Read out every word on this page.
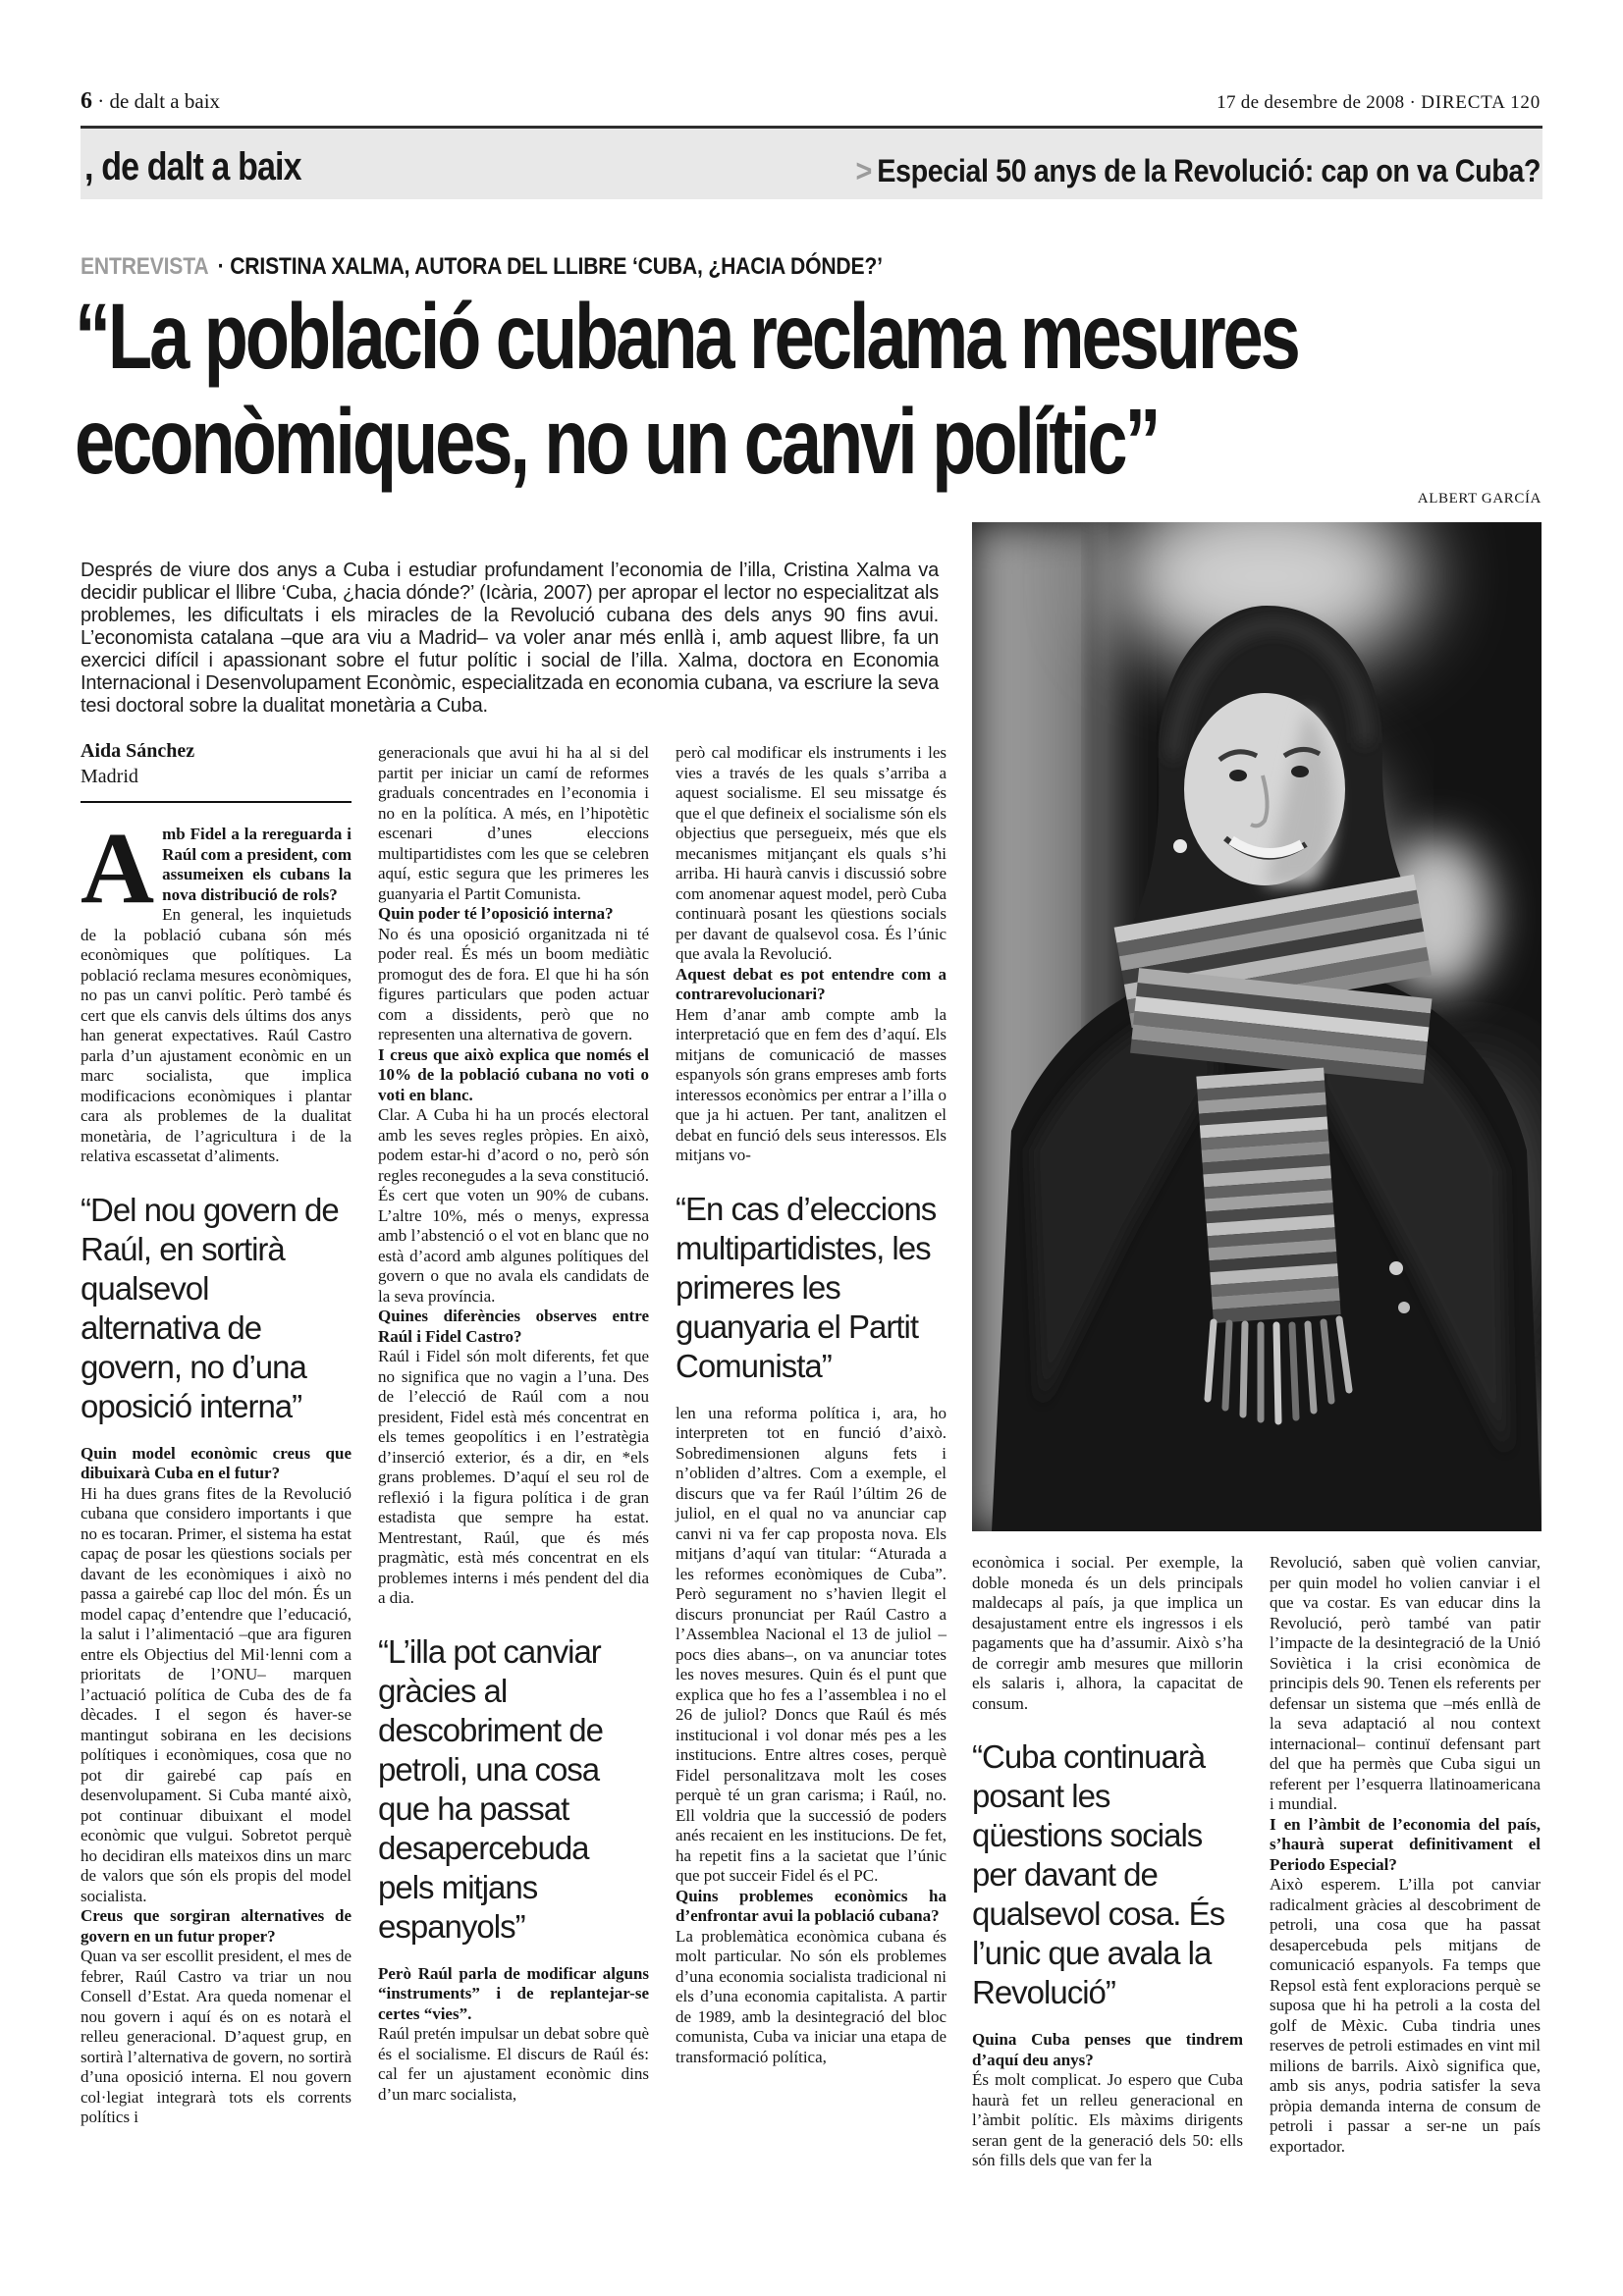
6 · de dalt a baix	17 de desembre de 2008 · DIRECTA 120
, de dalt a baix	> Especial 50 anys de la Revolució: cap on va Cuba?
ENTREVISTA · CRISTINA XALMA, AUTORA DEL LLIBRE ‘CUBA, ¿HACIA DÓNDE?’
“La població cubana reclama mesures econòmiques, no un canvi polític”

Després de viure dos anys a Cuba i estudiar profundament l’economia de l’illa, Cristina Xalma va decidir publicar el llibre ‘Cuba, ¿hacia dónde?’ (Icària, 2007) per apropar el lector no especialitzat als problemes, les dificultats i els miracles de la Revolució cubana des dels anys 90 fins avui. L’economista catalana –que ara viu a Madrid– va voler anar més enllà i, amb aquest llibre, fa un exercici difícil i apassionant sobre el futur polític i social de l’illa. Xalma, doctora en Economia Internacional i Desenvolupament Econòmic, especialitzada en economia cubana, va escriure la seva tesi doctoral sobre la dualitat monetària a Cuba.

ALBERT GARCÍA
Aida Sánchez
Madrid

Amb Fidel a la rereguarda i Raúl com a president, com assumeixen els cubans la nova distribució de rols?

En general, les inquietuds de la població cubana són més econòmiques que polítiques. La població reclama mesures econòmiques, no pas un canvi polític. Però també és cert que els canvis dels últims dos anys han generat expectatives. Raúl Castro parla d’un ajustament econòmic en un marc socialista, que implica modificacions econòmiques i plantar cara als problemes de la dualitat monetària, de l’agricultura i de la relativa escassetat d’aliments.

“Del nou govern de Raúl, en sortirà qualsevol alternativa de govern, no d’una oposició interna”

Quin model econòmic creus que dibuixarà Cuba en el futur?

Hi ha dues grans fites de la Revolució cubana que considero importants i que no es tocaran. Primer, el sistema ha estat capaç de posar les qüestions socials per davant de les econòmiques i això no passa a gairebé cap lloc del món. És un model capaç d’entendre que l’educació, la salut i l’alimentació –que ara figuren entre els Objectius del Mil·lenni com a prioritats de l’ONU– marquen l’actuació política de Cuba des de fa dècades. I el segon és haver-se mantingut sobirana en les decisions polítiques i econòmiques, cosa que no pot dir gairebé cap país en desenvolupament. Si Cuba manté això, pot continuar dibuixant el model econòmic que vulgui. Sobretot perquè ho decidiran ells mateixos dins un marc de valors que són els propis del model socialista.

Creus que sorgiran alternatives de govern en un futur proper?

Quan va ser escollit president, el mes de febrer, Raúl Castro va triar un nou Consell d’Estat. Ara queda nomenar el nou govern i aquí és on es notarà el relleu generacional. D’aquest grup, en sortirà l’alternativa de govern, no sortirà d’una oposició interna. El nou govern col·legiat integrarà tots els corrents polítics i

generacionals que avui hi ha al si del partit per iniciar un camí de reformes graduals concentrades en l’economia i no en la política. A més, en l’hipotètic escenari d’unes eleccions multipartidistes com les que se celebren aquí, estic segura que les primeres les guanyaria el Partit Comunista.

Quin poder té l’oposició interna?

No és una oposició organitzada ni té poder real. És més un boom mediàtic promogut des de fora. El que hi ha són figures particulars que poden actuar com a dissidents, però que no representen una alternativa de govern.

I creus que això explica que només el 10% de la població cubana no voti o voti en blanc.

Clar. A Cuba hi ha un procés electoral amb les seves regles pròpies. En això, podem estar-hi d’acord o no, però són regles reconegudes a la seva constitució. És cert que voten un 90% de cubans. L’altre 10%, més o menys, expressa amb l’abstenció o el vot en blanc que no està d’acord amb algunes polítiques del govern o que no avala els candidats de la seva província.

Quines diferències observes entre Raúl i Fidel Castro?

Raúl i Fidel són molt diferents, fet que no significa que no vagin a l’una. Des de l’elecció de Raúl com a nou president, Fidel està més concentrat en els temes geopolítics i en l’estratègia d’inserció exterior, és a dir, en *els grans problemes. D’aquí el seu rol de reflexió i la figura política i de gran estadista que sempre ha estat. Mentrestant, Raúl, que és més pragmàtic, està més concentrat en els problemes interns i més pendent del dia a dia.

“L’illa pot canviar gràcies al descobriment de petroli, una cosa que ha passat desapercebuda pels mitjans espanyols”

Però Raúl parla de modificar alguns “instruments” i de replantejar-se certes “vies”.

Raúl pretén impulsar un debat sobre què és el socialisme. El discurs de Raúl és: cal fer un ajustament econòmic dins d’un marc socialista,

però cal modificar els instruments i les vies a través de les quals s’arriba a aquest socialisme. El seu missatge és que el que defineix el socialisme són els objectius que persegueix, més que els mecanismes mitjançant els quals s’hi arriba. Hi haurà canvis i discussió sobre com anomenar aquest model, però Cuba continuarà posant les qüestions socials per davant de qualsevol cosa. És l’únic que avala la Revolució.

Aquest debat es pot entendre com a contrarevolucionari?

Hem d’anar amb compte amb la interpretació que en fem des d’aquí. Els mitjans de comunicació de masses espanyols són grans empreses amb forts interessos econòmics per entrar a l’illa o que ja hi actuen. Per tant, analitzen el debat en funció dels seus interessos. Els mitjans vo-

“En cas d’eleccions multipartidistes, les primeres les guanyaria el Partit Comunista”

len una reforma política i, ara, ho interpreten tot en funció d’això. Sobredimensionen alguns fets i n’obliden d’altres. Com a exemple, el discurs que va fer Raúl l’últim 26 de juliol, en el qual no va anunciar cap canvi ni va fer cap proposta nova. Els mitjans d’aquí van titular: “Aturada a les reformes econòmiques de Cuba”. Però segurament no s’havien llegit el discurs pronunciat per Raúl Castro a l’Assemblea Nacional el 13 de juliol –pocs dies abans–, on va anunciar totes les noves mesures. Quin és el punt que explica que ho fes a l’assemblea i no el 26 de juliol? Doncs que Raúl és més institucional i vol donar més pes a les institucions. Entre altres coses, perquè Fidel personalitzava molt les coses perquè té un gran carisma; i Raúl, no. Ell voldria que la successió de poders anés recaient en les institucions. De fet, ha repetit fins a la sacietat que l’únic que pot succeir Fidel és el PC.

Quins problemes econòmics ha d’enfrontar avui la població cubana?

La problemàtica econòmica cubana és molt particular. No són els problemes d’una economia socialista tradicional ni els d’una economia capitalista. A partir de 1989, amb la desintegració del bloc comunista, Cuba va iniciar una etapa de transformació política,

econòmica i social. Per exemple, la doble moneda és un dels principals maldecaps al país, ja que implica un desajustament entre els ingressos i els pagaments que ha d’assumir. Això s’ha de corregir amb mesures que millorin els salaris i, alhora, la capacitat de consum.

“Cuba continuarà posant les qüestions socials per davant de qualsevol cosa. És l’unic que avala la Revolució”

Quina Cuba penses que tindrem d’aquí deu anys?

És molt complicat. Jo espero que Cuba haurà fet un relleu generacional en l’àmbit polític. Els màxims dirigents seran gent de la generació dels 50: ells són fills dels que van fer la

Revolució, saben què volien canviar, per quin model ho volien canviar i el que va costar. Es van educar dins la Revolució, però també van patir l’impacte de la desintegració de la Unió Soviètica i la crisi econòmica de principis dels 90. Tenen els referents per defensar un sistema que –més enllà de la seva adaptació al nou context internacional– continuï defensant part del que ha permès que Cuba sigui un referent per l’esquerra llatinoamericana i mundial.

I en l’àmbit de l’economia del país, s’haurà superat definitivament el Periodo Especial?

Això esperem. L’illa pot canviar radicalment gràcies al descobriment de petroli, una cosa que ha passat desapercebuda pels mitjans de comunicació espanyols. Fa temps que Repsol està fent exploracions perquè se suposa que hi ha petroli a la costa del golf de Mèxic. Cuba tindria unes reserves de petroli estimades en vint mil milions de barrils. Això significa que, amb sis anys, podria satisfer la seva pròpia demanda interna de consum de petroli i passar a ser-ne un país exportador.
